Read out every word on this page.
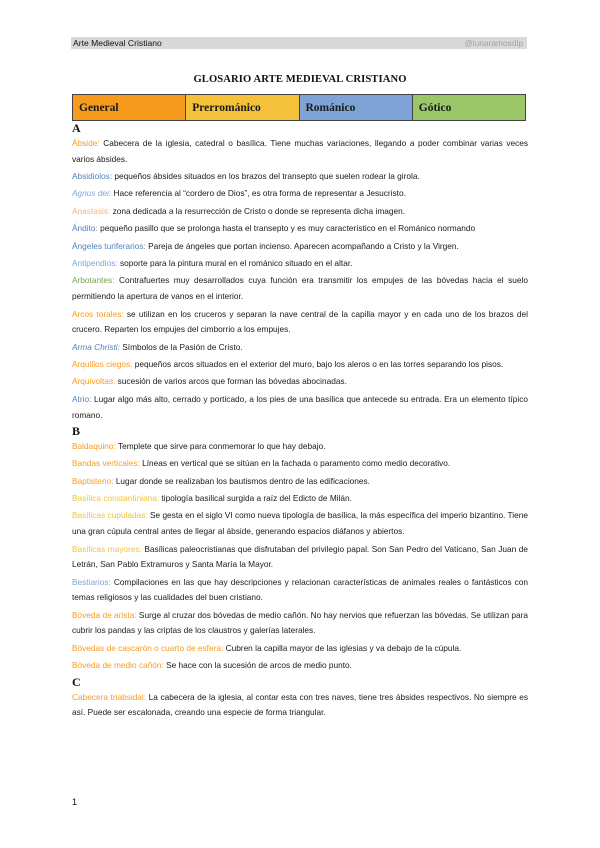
Arte Medieval Cristiano	@lunaramosdlp
GLOSARIO ARTE MEDIEVAL CRISTIANO
General	Prerrománico	Románico	Gótico
A
Ábside: Cabecera de la iglesia, catedral o basílica. Tiene muchas variaciones, llegando a poder combinar varias veces varios ábsides.
Absidiolos: pequeños ábsides situados en los brazos del transepto que suelen rodear la girola.
Agnus dei: Hace referencia al “cordero de Dios”, es otra forma de representar a Jesucristo.
Anastasis: zona dedicada a la resurrección de Cristo o donde se representa dicha imagen.
Ándito: pequeño pasillo que se prolonga hasta el transepto y es muy característico en el Románico normando
Ángeles turiferarios: Pareja de ángeles que portan incienso. Aparecen acompañando a Cristo y la Virgen.
Antipendios: soporte para la pintura mural en el románico situado en el altar.
Arbotantes: Contrafuertes muy desarrollados cuya función era transmitir los empujes de las bóvedas hacia el suelo permitiendo la apertura de vanos en el interior.
Arcos torales: se utilizan en los cruceros y separan la nave central de la capilla mayor y en cada uno de los brazos del crucero. Reparten los empujes del cimborrio a los empujes.
Arma Christi: Símbolos de la Pasión de Cristo.
Arquillos ciegos: pequeños arcos situados en el exterior del muro, bajo los aleros o en las torres separando los pisos.
Arquivoltas: sucesión de varios arcos que forman las bóvedas abocinadas.
Atrio: Lugar algo más alto, cerrado y porticado, a los pies de una basílica que antecede su entrada. Era un elemento típico romano.
B
Baldaquino: Templete que sirve para conmemorar lo que hay debajo.
Bandas verticales: Líneas en vertical que se sitúan en la fachada o paramento como medio decorativo.
Baptisterio: Lugar donde se realizaban los bautismos dentro de las edificaciones.
Basílica constantiniana: tipología basilical surgida a raíz del Edicto de Milán.
Basílicas cupuladas: Se gesta en el siglo VI como nueva tipología de basílica, la más específica del imperio bizantino. Tiene una gran cúpula central antes de llegar al ábside, generando espacios diáfanos y abiertos.
Basílicas mayores: Basílicas paleocristianas que disfrutaban del privilegio papal. Son San Pedro del Vaticano, San Juan de Letrán, San Pablo Extramuros y Santa María la Mayor.
Bestiarios: Compilaciones en las que hay descripciones y relacionan características de animales reales o fantásticos con temas religiosos y las cualidades del buen cristiano.
Bóveda de arista: Surge al cruzar dos bóvedas de medio cañón. No hay nervios que refuerzan las bóvedas. Se utilizan para cubrir los pandas y las criptas de los claustros y galerías laterales.
Bóvedas de cascarón o cuarto de esfera: Cubren la capilla mayor de las iglesias y va debajo de la cúpula.
Bóveda de medio cañón: Se hace con la sucesión de arcos de medio punto.
C
Cabecera triabsidal: La cabecera de la iglesia, al contar esta con tres naves, tiene tres ábsides respectivos. No siempre es así. Puede ser escalonada, creando una especie de forma triangular.
1
